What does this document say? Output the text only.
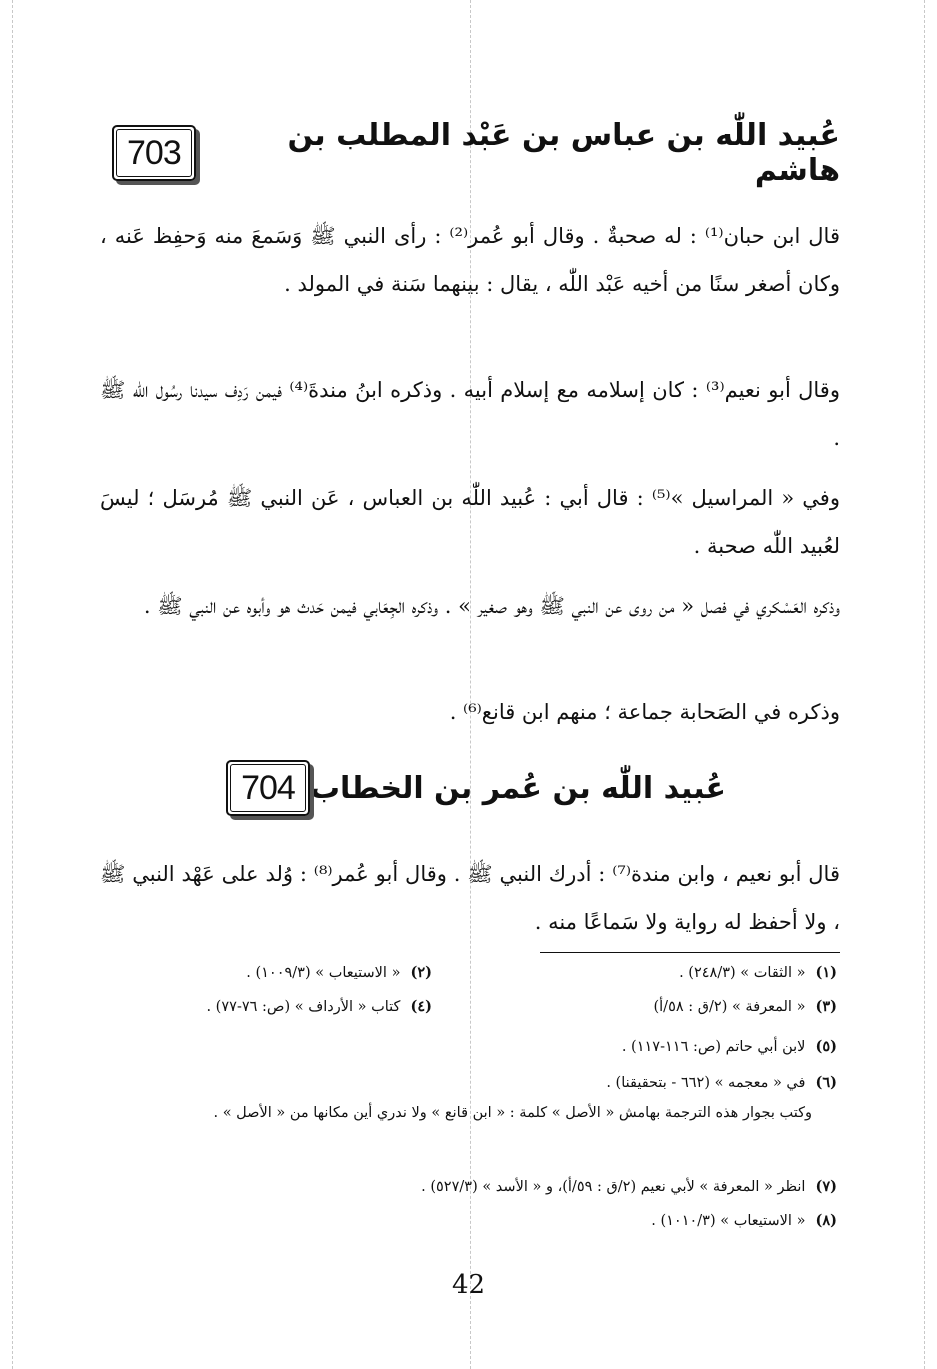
703	عُبيد اللّٰه بن عباس بن عَبْد المطلب بن هاشم
قال ابن حبان⁽¹⁾ : له صحبةٌ . وقال أبو عُمر⁽²⁾ : رأى النبي ﷺ وَسَمعَ منه وَحفِظ عَنه ، وكان أصغر سنًا من أخيه عَبْد اللّٰه ، يقال : بينهما سَنة في المولد .
وقال أبو نعيم⁽³⁾ : كان إسلامه مع إسلام أبيه . وذكره ابنُ مندةَ⁽⁴⁾ فيمن رَدِف سيدنا رسُول اللّٰه ﷺ .
وفي « المراسيل »⁽⁵⁾ : قال أبي : عُبيد اللّٰه بن العباس ، عَن النبي ﷺ مُرسَل ؛ ليسَ لعُبيد اللّٰه صحبة .
وذكره العَسْكري في فصل « من روى عن النبي ﷺ وهو صغير » . وذكره الجِعَابي فيمن حَدث هو وأبوه عن النبي ﷺ .
وذكره في الصَحابة جماعة ؛ منهم ابن قانع⁽⁶⁾ .
704 عُبيد اللّٰه بن عُمر بن الخطاب
قال أبو نعيم ، وابن مندة⁽⁷⁾ : أدرك النبي ﷺ . وقال أبو عُمر⁽⁸⁾ : وُلد على عَهْد النبي ﷺ ، ولا أحفظ له رواية ولا سَماعًا منه .
(١)« الثقات » (٢٤٨/٣) .
(٢)« الاستيعاب » (١٠٠٩/٣) .
(٣)« المعرفة » (٢/ق : ٥٨/أ)
(٤)كتاب « الأرداف » (ص: ٧٦-٧٧) .
(٥)لابن أبي حاتم (ص: ١١٦-١١٧) .
(٦)في « معجمه » (٦٦٢ - بتحقيقنا) .
وكتب بجوار هذه الترجمة بهامش « الأصل » كلمة : « ابن قانع » ولا ندري أين مكانها من « الأصل » .
(٧)انظر « المعرفة » لأبي نعيم (٢/ق : ٥٩/أ)، و « الأسد » (٥٢٧/٣) .
(٨)« الاستيعاب » (١٠١٠/٣) .
42
